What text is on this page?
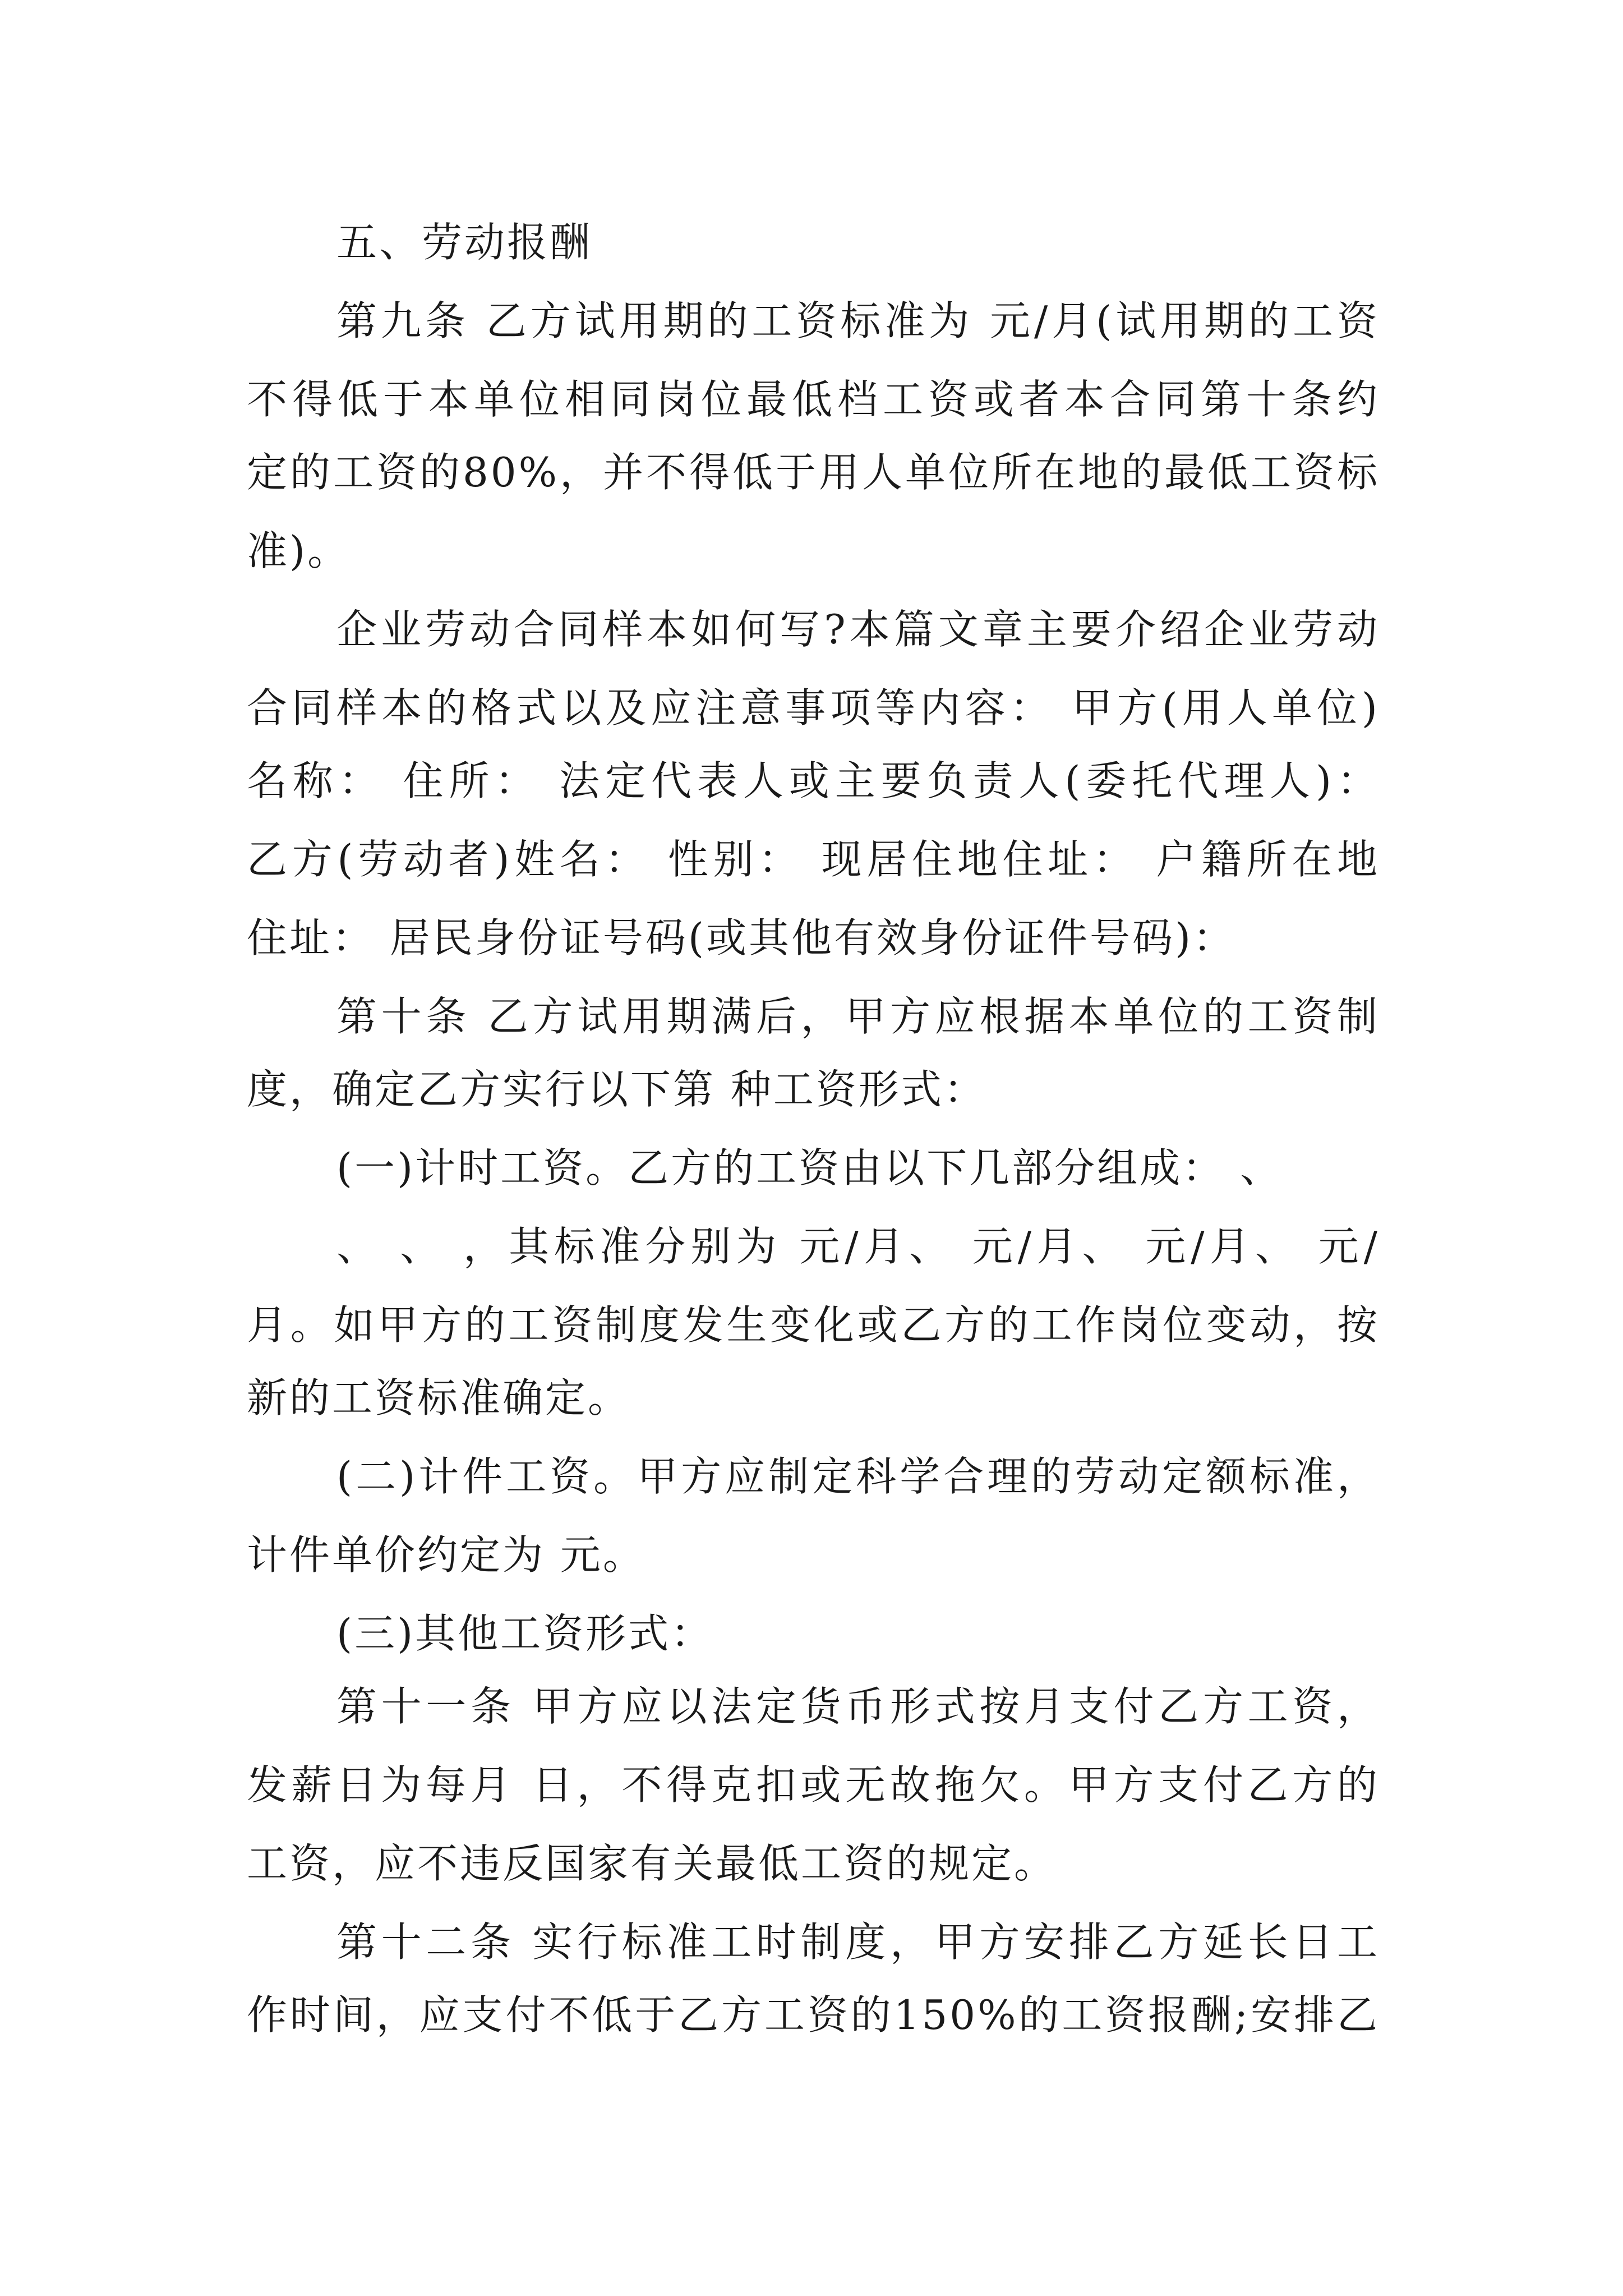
五、劳动报酬
第九条 乙方试用期的工资标准为 元/月(试用期的工资
不得低于本单位相同岗位最低档工资或者本合同第十条约
定的工资的80%，并不得低于用人单位所在地的最低工资标
准)。
企业劳动合同样本如何写?本篇文章主要介绍企业劳动
合同样本的格式以及应注意事项等内容： 甲方(用人单位)
名称： 住所： 法定代表人或主要负责人(委托代理人)：
乙方(劳动者)姓名： 性别： 现居住地住址： 户籍所在地
住址： 居民身份证号码(或其他有效身份证件号码)：
第十条 乙方试用期满后，甲方应根据本单位的工资制
度，确定乙方实行以下第 种工资形式：
(一)计时工资。乙方的工资由以下几部分组成： 、
、 、 ，其标准分别为 元/月、 元/月、 元/月、 元/
月。如甲方的工资制度发生变化或乙方的工作岗位变动，按
新的工资标准确定。
(二)计件工资。甲方应制定科学合理的劳动定额标准，
计件单价约定为 元。
(三)其他工资形式：
第十一条 甲方应以法定货币形式按月支付乙方工资，
发薪日为每月 日，不得克扣或无故拖欠。甲方支付乙方的
工资，应不违反国家有关最低工资的规定。
第十二条 实行标准工时制度，甲方安排乙方延长日工
作时间，应支付不低于乙方工资的150%的工资报酬;安排乙
